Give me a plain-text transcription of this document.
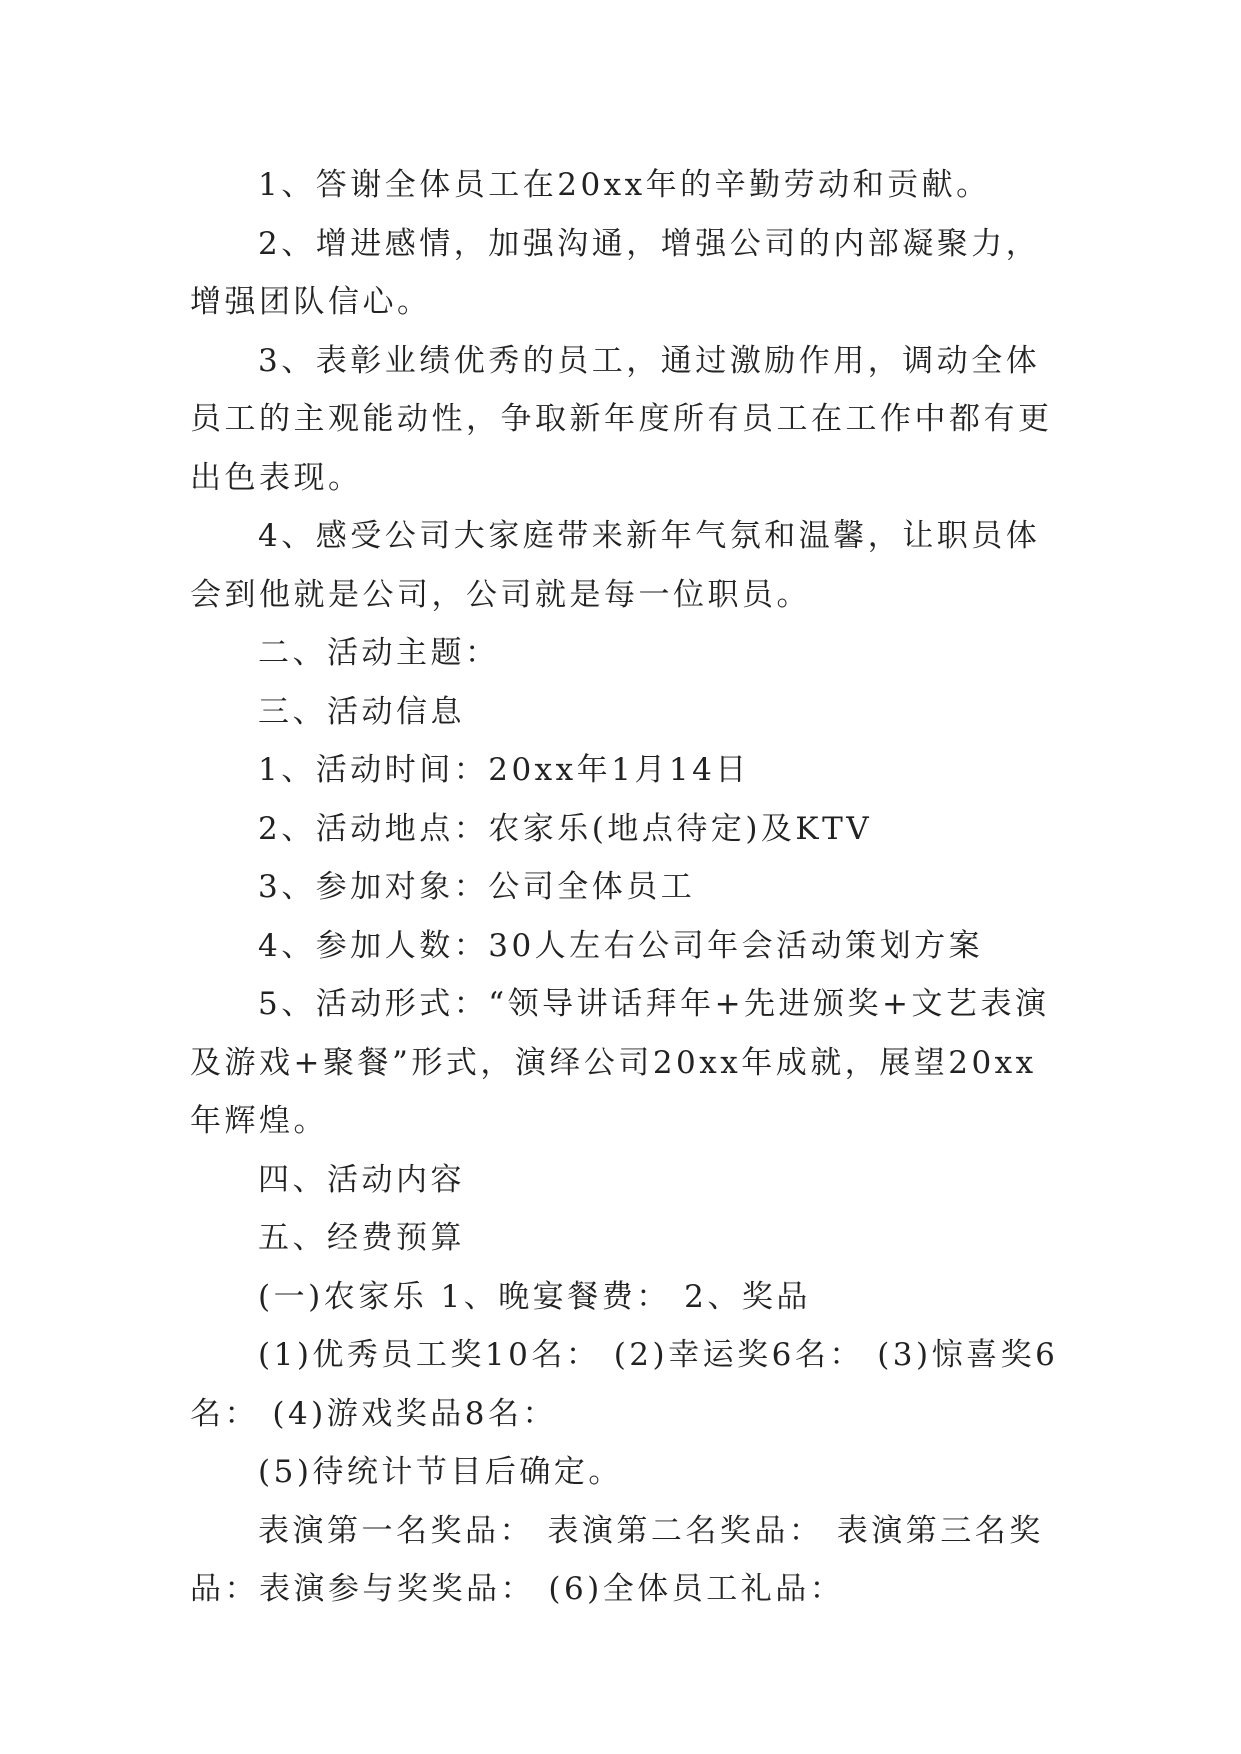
1、答谢全体员工在20xx年的辛勤劳动和贡献。

2、增进感情，加强沟通，增强公司的内部凝聚力，增强团队信心。

3、表彰业绩优秀的员工，通过激励作用，调动全体员工的主观能动性，争取新年度所有员工在工作中都有更出色表现。

4、感受公司大家庭带来新年气氛和温馨，让职员体会到他就是公司，公司就是每一位职员。

二、活动主题：

三、活动信息

1、活动时间：20xx年1月14日

2、活动地点：农家乐(地点待定)及KTV

3、参加对象：公司全体员工

4、参加人数：30人左右公司年会活动策划方案

5、活动形式：“领导讲话拜年+先进颁奖+文艺表演及游戏+聚餐”形式，演绎公司20xx年成就，展望20xx年辉煌。

四、活动内容

五、经费预算

(一)农家乐 1、晚宴餐费： 2、奖品

(1)优秀员工奖10名： (2)幸运奖6名： (3)惊喜奖6名： (4)游戏奖品8名：

(5)待统计节目后确定。

表演第一名奖品： 表演第二名奖品： 表演第三名奖品：表演参与奖奖品： (6)全体员工礼品：
